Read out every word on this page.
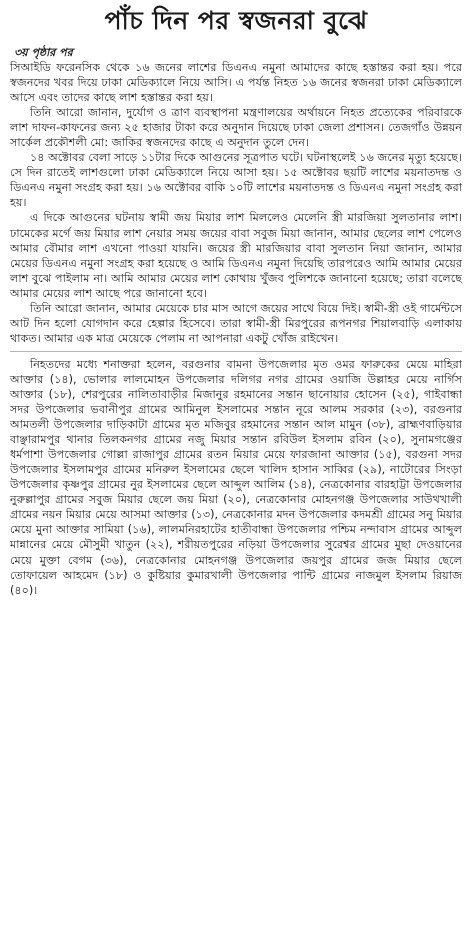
পাঁচ দিন পর স্বজনরা বুঝে
৩য় পৃষ্ঠার পর

সিআইডি ফরেনসিক থেকে ১৬ জনের লাশের ডিএনএ নমুনা আমাদের কাছে হস্তান্তর করা হয়। পরে স্বজনদের খবর দিয়ে ঢাকা মেডিক্যালে নিয়ে আসি। এ পর্যন্ত নিহত ১৬ জনের স্বজনরা ঢাকা মেডিক্যালে আসে এবং তাদের কাছে লাশ হস্তান্তর করা হয়।

তিনি আরো জানান, দুর্যোগ ও ত্রাণ ব্যবস্থাপনা মন্ত্রণালয়ের অর্থায়নে নিহত প্রত্যেকের পরিবারকে লাশ দাফন-কাফনের জন্য ২৫ হাজার টাকা করে অনুদান দিয়েছে ঢাকা জেলা প্রশাসন। তেজগাঁও উন্নয়ন সার্কেল প্রকৌশলী মো: জাকির স্বজনদের কাছে এ অনুদান তুলে দেন।

১৪ অক্টোবর বেলা সাড়ে ১১টার দিকে আগুনের সূত্রপাত ঘটে। ঘটনাস্থলেই ১৬ জনের মৃত্যু হয়েছে। সে দিন রাতেই লাশগুলো ঢাকা মেডিক্যালে নিয়ে আসা হয়। ১৫ অক্টোবর ছয়টি লাশের ময়নাতদন্ত ও ডিএনএ নমুনা সংগ্রহ করা হয়। ১৬ অক্টোবর বাকি ১০টি লাশের ময়নাতদন্ত ও ডিএনএ নমুনা সংগ্রহ করা হয়।

এ দিকে আগুনের ঘটনায় স্বামী জয় মিয়ার লাশ মিললেও মেলেনি স্ত্রী মারজিয়া সুলতানার লাশ। ঢামেকের মর্গে জয় মিয়ার লাশ নেয়ার সময় জয়ের বাবা সবুজ মিয়া জানান, আমার ছেলের লাশ পেলেও আমার বৌমার লাশ এখনো পাওয়া যায়নি। জয়ের স্ত্রী মারজিয়ার বাবা সুলতান নিয়া জানান, আমার মেয়ের ডিএনএ নমুনা সংগ্রহ করা হয়েছে ও আমি ডিএনএ নমুনা দিয়েছি তারপরেও আমি আমার মেয়ের লাশ বুঝে পাইলাম না। আমি আমার মেয়ের লাশ কোথায় খুঁজব পুলিশকে জানানো হয়েছে; তারা বলেছে আমার মেয়ের লাশ আছে পরে জানানো হবে।

তিনি আরো জানান, আমার মেয়েকে চার মাস আগে জয়ের সাথে বিয়ে দিই। স্বামী-স্ত্রী ওই গার্মেন্টসে আট দিন হলো যোগদান করে হেল্পার হিসেবে। তারা স্বামী-স্ত্রী মিরপুরের রূপনগর শিয়ালবাড়ি এলাকায় থাকত। আমার এক মাত্র মেয়েকে পেলাম না আপনারা একটু খোঁজ রাইখেন।

নিহতদের মধ্যে শনাক্তরা হলেন, বরগুনার বামনা উপজেলার মৃত ওমর ফারুকের মেয়ে মাহিরা আক্তার (১৪), ভোলার লালমোহন উপজেলার দলিগর নগর গ্রামের ওয়াজি উল্লাহর মেয়ে নার্গিস আক্তার (১৮), শেরপুরের নালিতাবাড়ীর মিজানুর রহমানের সন্তান ছানোয়ার হোসেন (২৫), গাইবান্ধা সদর উপজেলার ভবানীপুর গ্রামের আমিনুল ইসলামের সন্তান নূরে আলম সরকার (২৩), বরগুনার আমতলী উপজেলার দাড়িকাটা গ্রামের মৃত মজিবুর রহমানের সন্তান আল মামুন (৩৮), ব্রাহ্মণবাড়িয়ার বাঞ্ছারামপুর থানার তিলকনগর গ্রামের নজু মিয়ার সন্তান রবিউল ইসলাম রবিন (২০), সুনামগঞ্জের ধর্মপাশা উপজেলার গোল্লা রাজাপুর গ্রামের রতন মিয়ার মেয়ে ফারজানা আক্তার (১৫), বরগুনা সদর উপজেলার ইসলামপুর গ্রামের মনিরুল ইসলামের ছেলে খালিদ হাসান সাব্বির (২৯), নাটোরের সিংড়া উপজেলার কৃষ্ণপুর গ্রামের নুর ইসলামের ছেলে আব্দুল আলিম (১৪), নেত্রকোনার বারহাট্টা উপজেলার নুরুল্লাপুর গ্রামের সবুজ মিয়ার ছেলে জয় মিয়া (২০), নেত্রকোনার মোহনগঞ্জ উপজেলার সাউথখালী গ্রামের নয়ন মিয়ার মেয়ে আসমা আক্তার (১৩), নেত্রকোনার মদন উপজেলার কদমশ্রী গ্রামের সনু মিয়ার মেয়ে মুনা আক্তার সামিয়া (১৬), লালমনিরহাটের হাতীবান্ধা উপজেলার পশ্চিম নন্দাবাস গ্রামের আব্দুল মান্নানের মেয়ে মৌসুমী খাতুন (২২), শরীয়তপুরের নড়িয়া উপজেলার সুরেশ্বর গ্রামের মুছা দেওয়ানের মেয়ে মুক্তা বেগম (৩৬), নেত্রকোনার মোহনগঞ্জ উপজেলার জয়পুর গ্রামের জজ মিয়ার ছেলে তোফায়েল আহমেদ (১৮) ও কুষ্টিয়ার কুমারখালী উপজেলার পান্টি গ্রামের নাজমুল ইসলাম রিয়াজ (৪০)।
